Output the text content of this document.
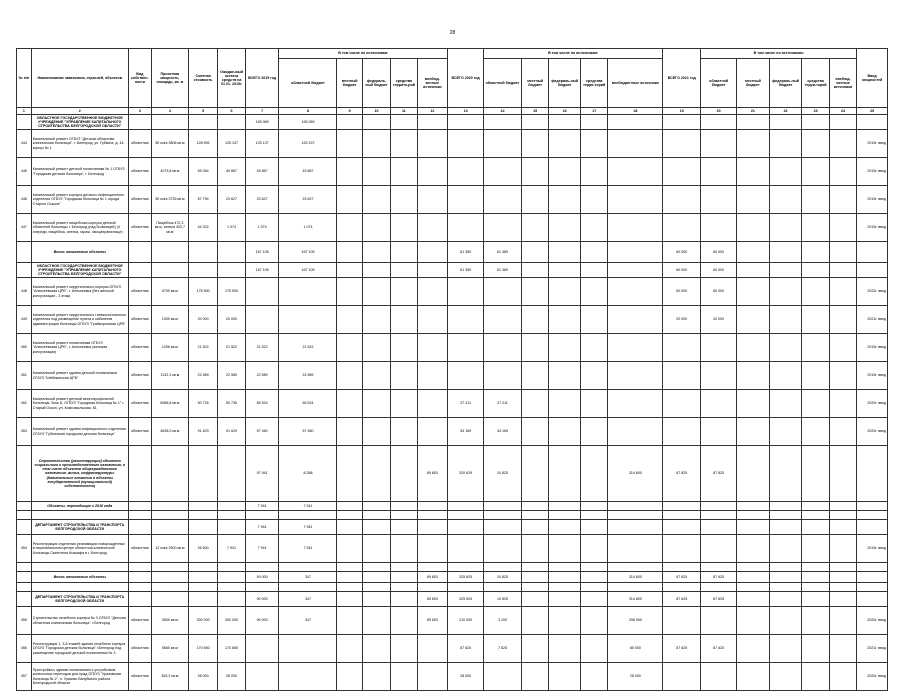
28
№ п/п	Наименование заказчиков, отраслей, объектов	Вид собствен-ности	Проектная мощность, площадь, кв. м	Сметная стоимость	Ожидае-мый остаток средств на 01.01. 2019г.	ВСЕГО 2019 год	В том числе по источникам:					ВСЕГО 2020 год	В том числе по источникам:					ВСЕГО 2021 год	В том числе по источникам:					Ввод мощностей
							областной бюджет	местный бюджет	федераль-ный бюджет	средства террито-рий	внебюд-жетные источники		областной бюджет	местный бюджет	федераль-ный бюджет	средства терри-торий	внебюджетные источники		областной бюджет	местный бюджет	федераль-ный бюджет	средства терри-торий	внебюд-жетные источники	
1	2	3	4	5	6	7	8	9	10	11	12	13	14	15	16	17	18	19	20	21	22	23	24	25
	ОБЛАСТНОЕ ГОСУДАРСТВЕННОЕ БЮДЖЕТНОЕ УЧРЕЖДЕНИЕ "УПРАВЛЕНИЕ КАПИТАЛЬНОГО СТРОИТЕЛЬСТВА БЕЛГОРОДСКОЙ ОБЛАСТИ"					195 089	195 089																	
444	Капитальный ремонт ОГБУЗ "Детская областная клиническая больница", г. Белгород, ул. Губкина, д. 44, корпус № 1	областная	50 коек 3806 кв.м	128 592	125 137	125 137	125 137																	2019г. ввод
445	Капитальный ремонт детской поликлиники № 1 ОГБУЗ "Городская детская больница", г. Белгород	областная	4073,8 кв.м	55 064	49 867	49 867	49 867																	2019г. ввод
446	Капитальный ремонт корпуса детского инфекционного отделения ОГБУЗ "Городская больница № 1 города Старого Оскола"	областная	50 коек 3739 кв.м	67 794	23 627	23 627	23 627																	2019г. ввод
447	Капитальный ремонт пищеблока корпуса детской областной больницы г. Белгород (над больницей) (4 очереди, пищеблок, аптека, гараж, овощехранилище)	областная	Пищеблок 472,3 кв.м, аптека 403,7 кв.м	44 332	1 074	1 074	1 074																	2019г. ввод
	Вновь начинаемые объекты					167 105	167 105					61 389	61 389					60 000	60 000					
	ОБЛАСТНОЕ ГОСУДАРСТВЕННОЕ БЮДЖЕТНОЕ УЧРЕЖДЕНИЕ "УПРАВЛЕНИЕ КАПИТАЛЬНОГО СТРОИТЕЛЬСТВА БЕЛГОРОДСКОЙ ОБЛАСТИ"					167 105	167 105					61 389	61 389					60 000	60 000					
448	Капитальный ремонт хирургического корпуса ОГБУЗ "Алексеевская ЦРБ", г. Алексеевка (без женской консультации - 3 этаж)	областная	5700 кв.м	175 590	175 590													60 000	60 000					2022г. ввод
449	Капитальный ремонт хирургического гинекологического отделения под размещение пункта и кабинетов администрации больницы ОГБУЗ "Грайворонская ЦРБ"	областная	1300 кв.м	20 000	20 000													20 000	20 000					2021г. ввод
450	Капитальный ремонт поликлиники ОГБУЗ "Алексеевская ЦРБ", г. Алексеевка (женская консультация)	областная	1206 кв.м	21 522	21 522	21 522	21 522																	2019г. ввод
451	Капитальный ремонт здания детской поликлиники ОГБУЗ "Шебекинская ЦРБ"	областная	1132,3 кв.м	22 589	22 589	22 589	22 589																	2019г. ввод
452	Капитальный ремонт детской многопрофильной больницы, блок Б, ОГБУЗ "Городская больница № 1" г. Старый Оскол, ул. Комсомольская, 81	областная	6988,8 кв.м	50 735	50 735	65 524	65 524					27 211	27 211											2020г. ввод
453	Капитальный ремонт здания инфекционного отделения ОГБУЗ "Губкинская городская детская больница"	областная	4628,0 кв.м	91 629	91 629	57 460	57 460					34 169	34 169											2020г. ввод
	Строительство (реконструкция) объектов социального и производственного назначения, в том числе объектов общегражданского назначения, жилья, инфраструктуры (Капитальные вложения в объекты государственной (муниципальной) собственности)					97 941	8 288				89 653	320 629	10 825				314 800	87 825	87 825					
	Объекты, переходящие с 2018 года					7 941	7 941																	

	ДЕПАРТАМЕНТ СТРОИТЕЛЬСТВА И ТРАНСПОРТА БЕЛГОРОДСКОЙ ОБЛАСТИ					7 941	7 941																	
454	Реконструкция отделения реанимации новорожденных в перинатальном центре областной клинической больницы Святителя Иоасафа в г. Белгород	областная	12 коек 2500 кв.м	26 600	7 941	7 941	7 941																	2019г. ввод

	Вновь начинаемые объекты					90 000	347				89 653	325 625	10 825				314 800	87 625	87 625					

	ДЕПАРТАМЕНТ СТРОИТЕЛЬСТВА И ТРАНСПОРТА БЕЛГОРОДСКОЙ ОБЛАСТИ					90 000	347				89 653	325 625	10 825				314 800	87 625	87 625					
455	Строительство лечебного корпуса № 3 ОГБУЗ "Детская областная клиническая больница", г.Белгород	областная	3500 кв.м	300 000	300 000	90 000	347				89 653	210 000	3 100				206 900							2020г. ввод
456	Реконструкция 1, 3-5 этажей здания лечебного корпуса ОГБУЗ "Городская детская больница" г.Белгород под размещение городской детской поликлиники № 3	областная	5660 кв.м	170 650	170 650							87 625	7 625				80 000	87 625	87 625					2021г. ввод
457	Пристройка к зданию поликлиники с устройством колясочных переходов для нужд ОГБУЗ "Уразовская больница № 2", п. Уразово Валуйского района Белгородской области	областная	363,3 кв.м	28 000	28 000							28 000					28 000							2020г. ввод
